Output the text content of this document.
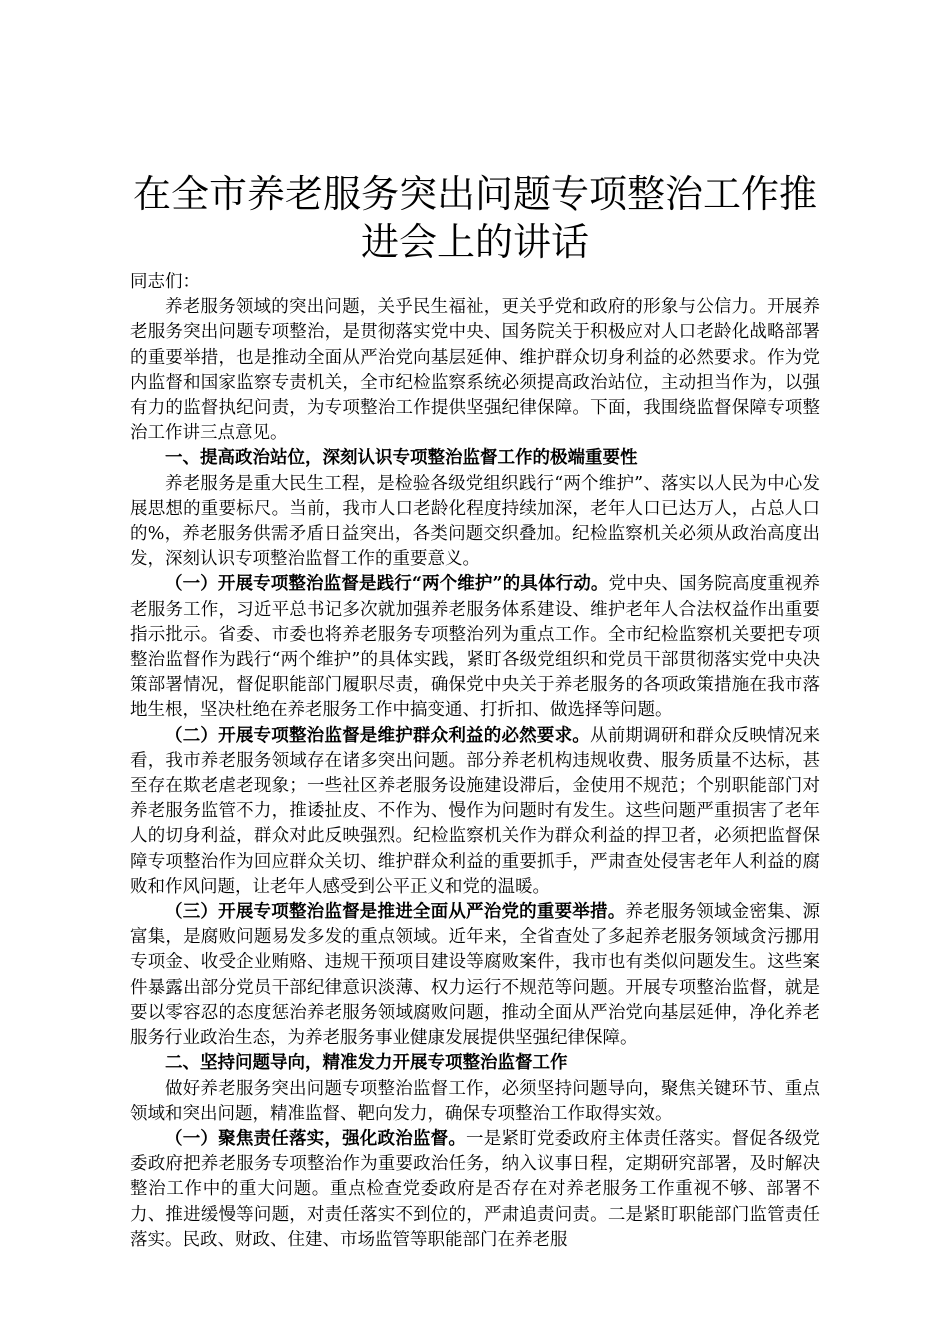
在全市养老服务突出问题专项整治工作推进会上的讲话

同志们：

养老服务领域的突出问题，关乎民生福祉，更关乎党和政府的形象与公信力。开展养老服务突出问题专项整治，是贯彻落实党中央、国务院关于积极应对人口老龄化战略部署的重要举措，也是推动全面从严治党向基层延伸、维护群众切身利益的必然要求。作为党内监督和国家监察专责机关，全市纪检监察系统必须提高政治站位，主动担当作为，以强有力的监督执纪问责，为专项整治工作提供坚强纪律保障。下面，我围绕监督保障专项整治工作讲三点意见。

一、提高政治站位，深刻认识专项整治监督工作的极端重要性

养老服务是重大民生工程，是检验各级党组织践行“两个维护”、落实以人民为中心发展思想的重要标尺。当前，我市人口老龄化程度持续加深，老年人口已达万人，占总人口的%，养老服务供需矛盾日益突出，各类问题交织叠加。纪检监察机关必须从政治高度出发，深刻认识专项整治监督工作的重要意义。

（一）开展专项整治监督是践行“两个维护”的具体行动。党中央、国务院高度重视养老服务工作，习近平总书记多次就加强养老服务体系建设、维护老年人合法权益作出重要指示批示。省委、市委也将养老服务专项整治列为重点工作。全市纪检监察机关要把专项整治监督作为践行“两个维护”的具体实践，紧盯各级党组织和党员干部贯彻落实党中央决策部署情况，督促职能部门履职尽责，确保党中央关于养老服务的各项政策措施在我市落地生根，坚决杜绝在养老服务工作中搞变通、打折扣、做选择等问题。

（二）开展专项整治监督是维护群众利益的必然要求。从前期调研和群众反映情况来看，我市养老服务领域存在诸多突出问题。部分养老机构违规收费、服务质量不达标，甚至存在欺老虐老现象；一些社区养老服务设施建设滞后，金使用不规范；个别职能部门对养老服务监管不力，推诿扯皮、不作为、慢作为问题时有发生。这些问题严重损害了老年人的切身利益，群众对此反映强烈。纪检监察机关作为群众利益的捍卫者，必须把监督保障专项整治作为回应群众关切、维护群众利益的重要抓手，严肃查处侵害老年人利益的腐败和作风问题，让老年人感受到公平正义和党的温暖。

（三）开展专项整治监督是推进全面从严治党的重要举措。养老服务领域金密集、源富集，是腐败问题易发多发的重点领域。近年来，全省查处了多起养老服务领域贪污挪用专项金、收受企业贿赂、违规干预项目建设等腐败案件，我市也有类似问题发生。这些案件暴露出部分党员干部纪律意识淡薄、权力运行不规范等问题。开展专项整治监督，就是要以零容忍的态度惩治养老服务领域腐败问题，推动全面从严治党向基层延伸，净化养老服务行业政治生态，为养老服务事业健康发展提供坚强纪律保障。

二、坚持问题导向，精准发力开展专项整治监督工作

做好养老服务突出问题专项整治监督工作，必须坚持问题导向，聚焦关键环节、重点领域和突出问题，精准监督、靶向发力，确保专项整治工作取得实效。

（一）聚焦责任落实，强化政治监督。一是紧盯党委政府主体责任落实。督促各级党委政府把养老服务专项整治作为重要政治任务，纳入议事日程，定期研究部署，及时解决整治工作中的重大问题。重点检查党委政府是否存在对养老服务工作重视不够、部署不力、推进缓慢等问题，对责任落实不到位的，严肃追责问责。二是紧盯职能部门监管责任落实。民政、财政、住建、市场监管等职能部门在养老服
